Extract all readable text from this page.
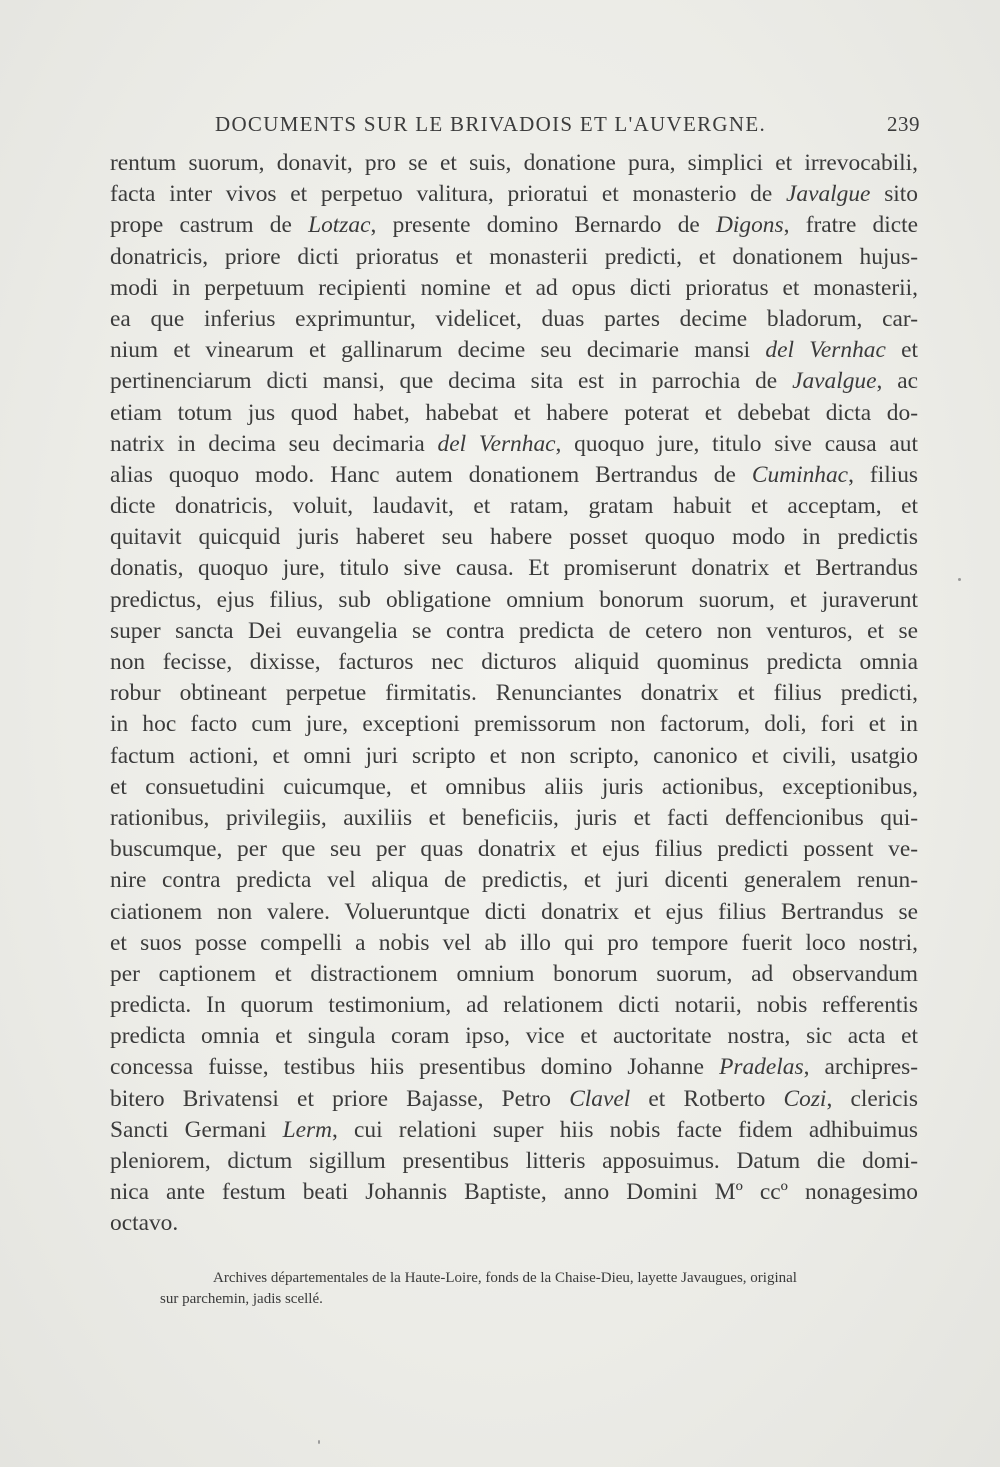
DOCUMENTS SUR LE BRIVADOIS ET L'AUVERGNE.	239
rentum suorum, donavit, pro se et suis, donatione pura, simplici et irrevocabili,
facta inter vivos et perpetuo valitura, prioratui et monasterio de Javalgue sito
prope castrum de Lotzac, presente domino Bernardo de Digons, fratre dicte
donatricis, priore dicti prioratus et monasterii predicti, et donationem hujus-
modi in perpetuum recipienti nomine et ad opus dicti prioratus et monasterii,
ea que inferius exprimuntur, videlicet, duas partes decime bladorum, car-
nium et vinearum et gallinarum decime seu decimarie mansi del Vernhac et
pertinenciarum dicti mansi, que decima sita est in parrochia de Javalgue, ac
etiam totum jus quod habet, habebat et habere poterat et debebat dicta do-
natrix in decima seu decimaria del Vernhac, quoquo jure, titulo sive causa aut
alias quoquo modo. Hanc autem donationem Bertrandus de Cuminhac, filius
dicte donatricis, voluit, laudavit, et ratam, gratam habuit et acceptam, et
quitavit quicquid juris haberet seu habere posset quoquo modo in predictis
donatis, quoquo jure, titulo sive causa. Et promiserunt donatrix et Bertrandus
predictus, ejus filius, sub obligatione omnium bonorum suorum, et juraverunt
super sancta Dei euvangelia se contra predicta de cetero non venturos, et se
non fecisse, dixisse, facturos nec dicturos aliquid quominus predicta omnia
robur obtineant perpetue firmitatis. Renunciantes donatrix et filius predicti,
in hoc facto cum jure, exceptioni premissorum non factorum, doli, fori et in
factum actioni, et omni juri scripto et non scripto, canonico et civili, usatgio
et consuetudini cuicumque, et omnibus aliis juris actionibus, exceptionibus,
rationibus, privilegiis, auxiliis et beneficiis, juris et facti deffencionibus qui-
buscumque, per que seu per quas donatrix et ejus filius predicti possent ve-
nire contra predicta vel aliqua de predictis, et juri dicenti generalem renun-
ciationem non valere. Volueruntque dicti donatrix et ejus filius Bertrandus se
et suos posse compelli a nobis vel ab illo qui pro tempore fuerit loco nostri,
per captionem et distractionem omnium bonorum suorum, ad observandum
predicta. In quorum testimonium, ad relationem dicti notarii, nobis refferentis
predicta omnia et singula coram ipso, vice et auctoritate nostra, sic acta et
concessa fuisse, testibus hiis presentibus domino Johanne Pradelas, archipres-
bitero Brivatensi et priore Bajasse, Petro Clavel et Rotberto Cozi, clericis
Sancti Germani Lerm, cui relationi super hiis nobis facte fidem adhibuimus
pleniorem, dictum sigillum presentibus litteris apposuimus. Datum die domi-
nica ante festum beati Johannis Baptiste, anno Domini Mº ccº nonagesimo
octavo.
Archives départementales de la Haute-Loire, fonds de la Chaise-Dieu, layette Javaugues, original
sur parchemin, jadis scellé.
